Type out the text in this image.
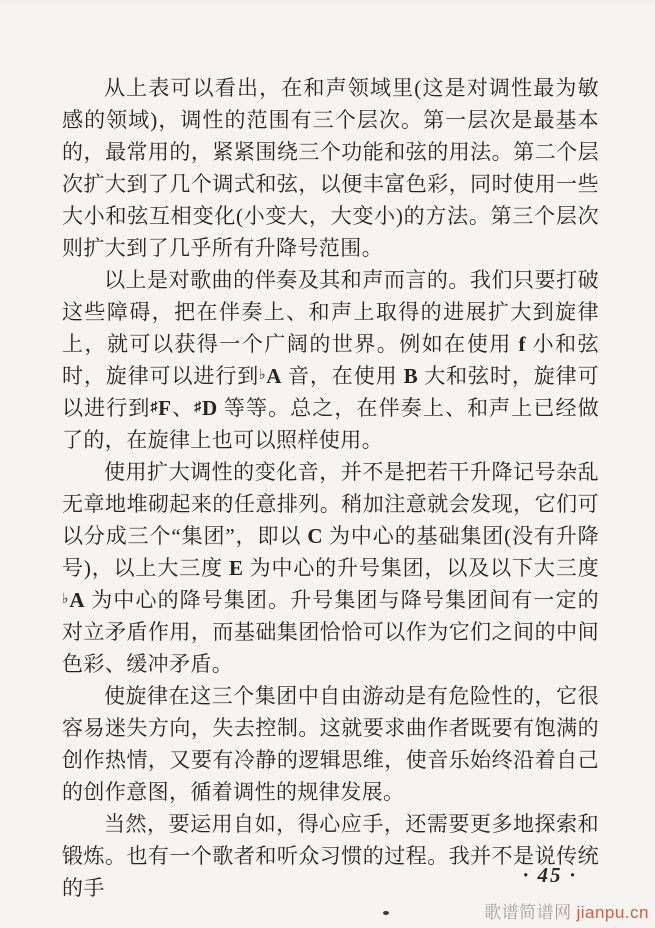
从上表可以看出，在和声领域里(这是对调性最为敏感的领域)，调性的范围有三个层次。第一层次是最基本的，最常用的，紧紧围绕三个功能和弦的用法。第二个层次扩大到了几个调式和弦，以便丰富色彩，同时使用一些大小和弦互相变化(小变大，大变小)的方法。第三个层次则扩大到了几乎所有升降号范围。

以上是对歌曲的伴奏及其和声而言的。我们只要打破这些障碍，把在伴奏上、和声上取得的进展扩大到旋律上，就可以获得一个广阔的世界。例如在使用 f 小和弦时，旋律可以进行到♭A 音，在使用 B 大和弦时，旋律可以进行到♯F、♯D 等等。总之，在伴奏上、和声上已经做了的，在旋律上也可以照样使用。

使用扩大调性的变化音，并不是把若干升降记号杂乱无章地堆砌起来的任意排列。稍加注意就会发现，它们可以分成三个“集团”，即以 C 为中心的基础集团(没有升降号)，以上大三度 E 为中心的升号集团，以及以下大三度♭A 为中心的降号集团。升号集团与降号集团间有一定的对立矛盾作用，而基础集团恰恰可以作为它们之间的中间色彩、缓冲矛盾。

使旋律在这三个集团中自由游动是有危险性的，它很容易迷失方向，失去控制。这就要求曲作者既要有饱满的创作热情，又要有冷静的逻辑思维，使音乐始终沿着自己的创作意图，循着调性的规律发展。

当然，要运用自如，得心应手，还需要更多地探索和锻炼。也有一个歌者和听众习惯的过程。我并不是说传统的手

· 45 ·
歌谱简谱网 jianpu.cn
